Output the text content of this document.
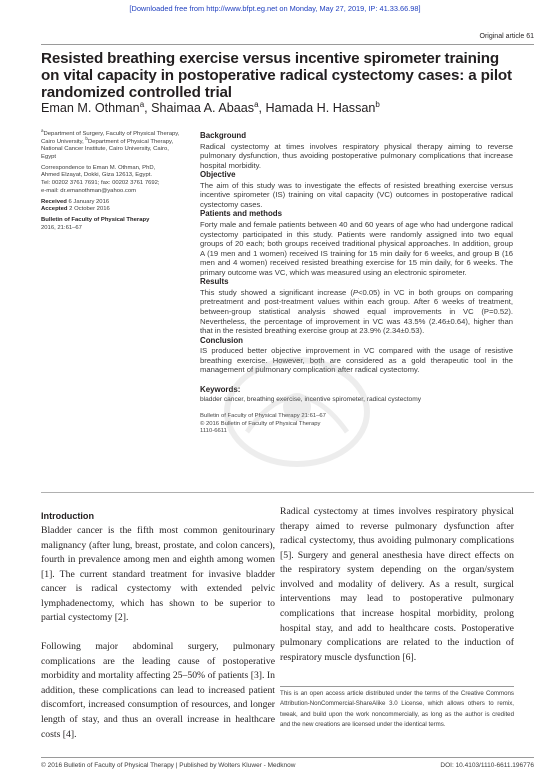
[Downloaded free from http://www.bfpt.eg.net on Monday, May 27, 2019, IP: 41.33.66.98]
Original article 61
Resisted breathing exercise versus incentive spirometer training on vital capacity in postoperative radical cystectomy cases: a pilot randomized controlled trial
Eman M. Othman$^a$, Shaimaa A. Abaas$^a$, Hamada H. Hassan$^b$

$^a$Department of Surgery, Faculty of Physical Therapy, Cairo University, $^b$Department of Physical Therapy, National Cancer Institute, Cairo University, Cairo, Egypt

Correspondence to Eman M. Othman, PhD,
Ahmed Elzayat, Dokki, Giza 12613, Egypt.
Tel: 00202 3761 7691; fax: 00202 3761 7692;
e-mail: dr.emanothman@yahoo.com

Received 6 January 2016
Accepted 2 October 2016

Bulletin of Faculty of Physical Therapy
2016, 21:61–67

Background

Radical cystectomy at times involves respiratory physical therapy aiming to reverse pulmonary dysfunction, thus avoiding postoperative pulmonary complications that increase hospital morbidity.

Objective

The aim of this study was to investigate the effects of resisted breathing exercise versus incentive spirometer (IS) training on vital capacity (VC) outcomes in postoperative radical cystectomy cases.

Patients and methods

Forty male and female patients between 40 and 60 years of age who had undergone radical cystectomy participated in this study. Patients were randomly assigned into two equal groups of 20 each; both groups received traditional physical approaches. In addition, group A (19 men and 1 women) received IS training for 15 min daily for 6 weeks, and group B (16 men and 4 women) received resisted breathing exercise for 15 min daily, for 6 weeks. The primary outcome was VC, which was measured using an electronic spirometer.

Results

This study showed a significant increase (P<0.05) in VC in both groups on comparing pretreatment and post-treatment values within each group. After 6 weeks of treatment, between-group statistical analysis showed equal improvements in VC (P=0.52). Nevertheless, the percentage of improvement in VC was 43.5% (2.46±0.64), higher than that in the resisted breathing exercise group at 23.9% (2.34±0.53).

Conclusion

IS produced better objective improvement in VC compared with the usage of resistive breathing exercise. However, both are considered as a gold therapeutic tool in the management of pulmonary complication after radical cystectomy.

Keywords:

bladder cancer, breathing exercise, incentive spirometer, radical cystectomy

Bulletin of Faculty of Physical Therapy 21:61–67
© 2016 Bulletin of Faculty of Physical Therapy
1110-6611

Introduction

Bladder cancer is the fifth most common genitourinary malignancy (after lung, breast, prostate, and colon cancers), fourth in prevalence among men and eighth among women [1]. The current standard treatment for invasive bladder cancer is radical cystectomy with extended pelvic lymphadenectomy, which has shown to be superior to partial cystectomy [2].

Following major abdominal surgery, pulmonary complications are the leading cause of postoperative morbidity and mortality affecting 25–50% of patients [3]. In addition, these complications can lead to increased patient discomfort, increased consumption of resources, and longer length of stay, and thus an overall increase in healthcare costs [4].

Radical cystectomy at times involves respiratory physical therapy aimed to reverse pulmonary dysfunction after radical cystectomy, thus avoiding pulmonary complications [5]. Surgery and general anesthesia have direct effects on the respiratory system depending on the organ/system involved and modality of delivery. As a result, surgical interventions may lead to postoperative pulmonary complications that increase hospital morbidity, prolong hospital stay, and add to healthcare costs. Postoperative pulmonary complications are related to the induction of respiratory muscle dysfunction [6].

This is an open access article distributed under the terms of the Creative Commons Attribution-NonCommercial-ShareAlike 3.0 License, which allows others to remix, tweak, and build upon the work noncommercially, as long as the author is credited and the new creations are licensed under the identical terms.

© 2016 Bulletin of Faculty of Physical Therapy | Published by Wolters Kluwer - Medknow	DOI: 10.4103/1110-6611.196776
